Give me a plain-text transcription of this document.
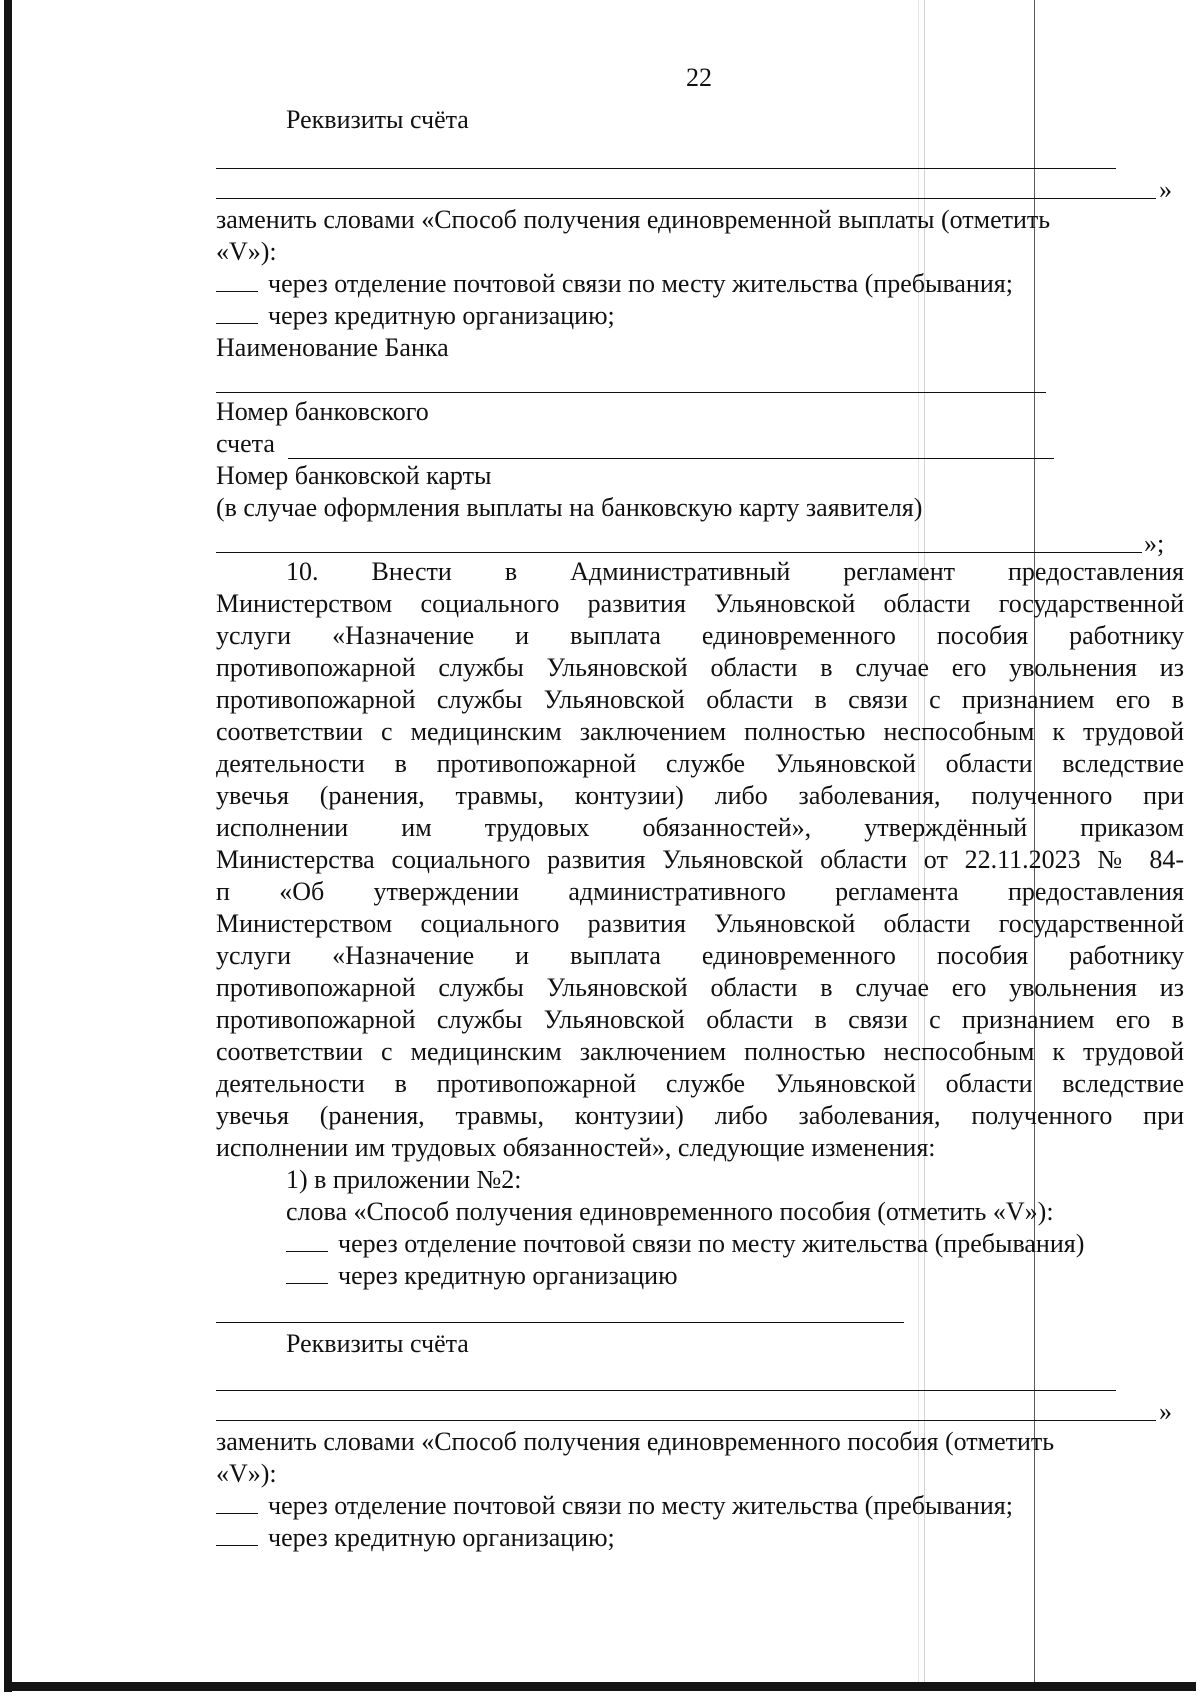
22
Реквизиты счёта
»
заменить словами «Способ получения единовременной выплаты (отметить
«V»):
через отделение почтовой связи по месту жительства (пребывания;
через кредитную организацию;
Наименование Банка
Номер банковского
счета
Номер банковской карты
(в случае оформления выплаты на банковскую карту заявителя)
»;
10. Внести в Административный регламент предоставления
Министерством социального развития Ульяновской области государственной
услуги «Назначение и выплата единовременного пособия работнику
противопожарной службы Ульяновской области в случае его увольнения из
противопожарной службы Ульяновской области в связи с признанием его в
соответствии с медицинским заключением полностью неспособным к трудовой
деятельности в противопожарной службе Ульяновской области вследствие
увечья (ранения, травмы, контузии) либо заболевания, полученного при
исполнении им трудовых обязанностей», утверждённый приказом
Министерства социального развития Ульяновской области от 22.11.2023 № 84-
п «Об утверждении административного регламента предоставления
Министерством социального развития Ульяновской области государственной
услуги «Назначение и выплата единовременного пособия работнику
противопожарной службы Ульяновской области в случае его увольнения из
противопожарной службы Ульяновской области в связи с признанием его в
соответствии с медицинским заключением полностью неспособным к трудовой
деятельности в противопожарной службе Ульяновской области вследствие
увечья (ранения, травмы, контузии) либо заболевания, полученного при
исполнении им трудовых обязанностей», следующие изменения:
1) в приложении №2:
слова «Способ получения единовременного пособия (отметить «V»):
через отделение почтовой связи по месту жительства (пребывания)
через кредитную организацию
Реквизиты счёта
»
заменить словами «Способ получения единовременного пособия (отметить
«V»):
через отделение почтовой связи по месту жительства (пребывания;
через кредитную организацию;
